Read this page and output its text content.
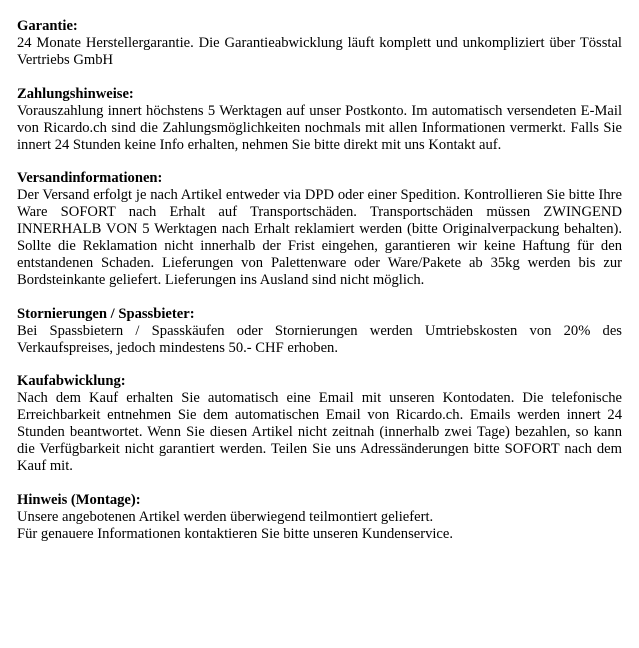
Garantie:
24 Monate Herstellergarantie. Die Garantieabwicklung läuft komplett und unkompliziert über Tösstal Vertriebs GmbH
Zahlungshinweise:
Vorauszahlung innert höchstens 5 Werktagen auf unser Postkonto. Im automatisch versendeten E-Mail von Ricardo.ch sind die Zahlungsmöglichkeiten nochmals mit allen Informationen vermerkt. Falls Sie innert 24 Stunden keine Info erhalten, nehmen Sie bitte direkt mit uns Kontakt auf.
Versandinformationen:
Der Versand erfolgt je nach Artikel entweder via DPD oder einer Spedition. Kontrollieren Sie bitte Ihre Ware SOFORT nach Erhalt auf Transportschäden. Transportschäden müssen ZWINGEND INNERHALB VON 5 Werktagen nach Erhalt reklamiert werden (bitte Originalverpackung behalten). Sollte die Reklamation nicht innerhalb der Frist eingehen, garantieren wir keine Haftung für den entstandenen Schaden. Lieferungen von Palettenware oder Ware/Pakete ab 35kg werden bis zur Bordsteinkante geliefert. Lieferungen ins Ausland sind nicht möglich.
Stornierungen / Spassbieter:
Bei Spassbietern / Spasskäufen oder Stornierungen werden Umtriebskosten von 20% des Verkaufspreises, jedoch mindestens 50.- CHF erhoben.
Kaufabwicklung:
Nach dem Kauf erhalten Sie automatisch eine Email mit unseren Kontodaten. Die telefonische Erreichbarkeit entnehmen Sie dem automatischen Email von Ricardo.ch. Emails werden innert 24 Stunden beantwortet. Wenn Sie diesen Artikel nicht zeitnah (innerhalb zwei Tage) bezahlen, so kann die Verfügbarkeit nicht garantiert werden. Teilen Sie uns Adressänderungen bitte SOFORT nach dem Kauf mit.
Hinweis (Montage):
Unsere angebotenen Artikel werden überwiegend teilmontiert geliefert.
Für genauere Informationen kontaktieren Sie bitte unseren Kundenservice.
